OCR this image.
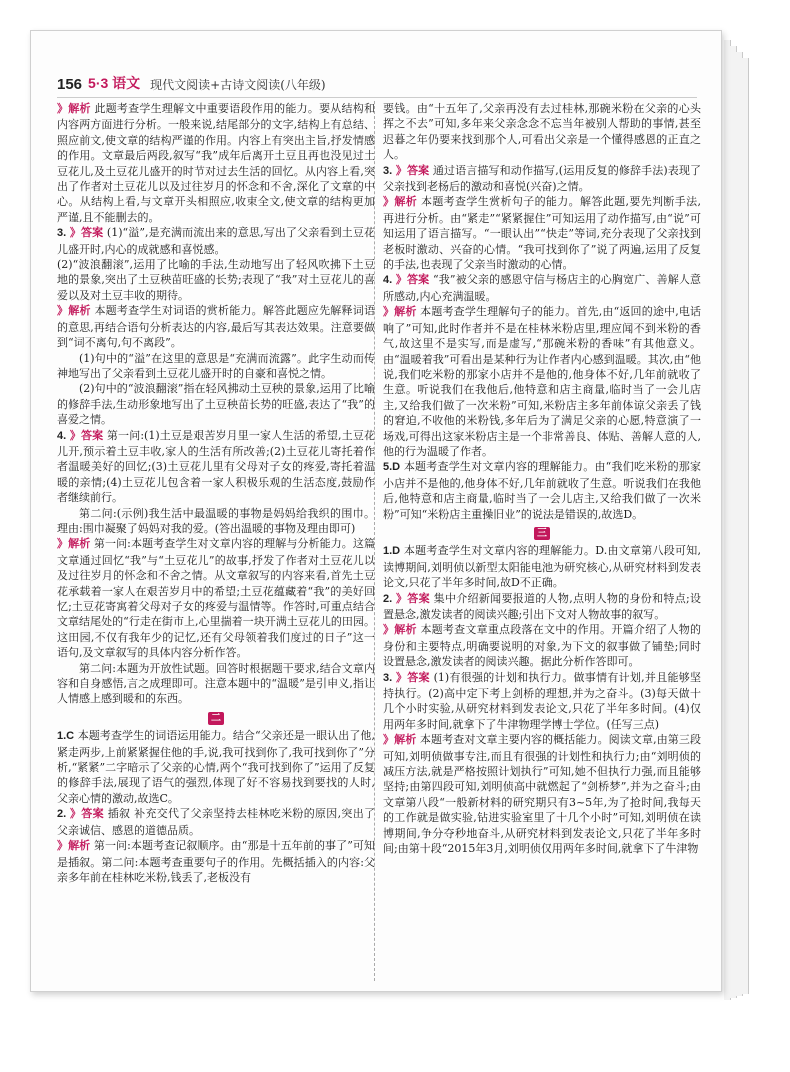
156 5·3 语文 现代文阅读+古诗文阅读(八年级)

》解析 此题考查学生理解文中重要语段作用的能力。要从结构和内容两方面进行分析。一般来说,结尾部分的文字,结构上有总结、照应前文,使文章的结构严谨的作用。内容上有突出主旨,抒发情感的作用。文章最后两段,叙写“我”成年后离开土豆且再也没见过土豆花儿,及土豆花儿盛开的时节对过去生活的回忆。从内容上看,突出了作者对土豆花儿以及过往岁月的怀念和不舍,深化了文章的中心。从结构上看,与文章开头相照应,收束全文,使文章的结构更加严谨,且不能删去的。

3. 》答案 (1)“溢”,是充满而流出来的意思,写出了父亲看到土豆花儿盛开时,内心的成就感和喜悦感。

(2)“波浪翻滚”,运用了比喻的手法,生动地写出了轻风吹拂下土豆地的景象,突出了土豆秧苗旺盛的长势;表现了“我”对土豆花儿的喜爱以及对土豆丰收的期待。

》解析 本题考查学生对词语的赏析能力。解答此题应先解释词语的意思,再结合语句分析表达的内容,最后写其表达效果。注意要做到“词不离句,句不离段”。

(1)句中的“溢”在这里的意思是“充满而流露”。此字生动而传神地写出了父亲看到土豆花儿盛开时的自豪和喜悦之情。

(2)句中的“波浪翻滚”指在轻风拂动土豆秧的景象,运用了比喻的修辞手法,生动形象地写出了土豆秧苗长势的旺盛,表达了“我”的喜爱之情。

4. 》答案 第一问:(1)土豆是艰苦岁月里一家人生活的希望,土豆花儿开,预示着土豆丰收,家人的生活有所改善;(2)土豆花儿寄托着作者温暖美好的回忆;(3)土豆花儿里有父母对子女的疼爱,寄托着温暖的亲情;(4)土豆花儿包含着一家人积极乐观的生活态度,鼓励作者继续前行。

第二问:(示例)我生活中最温暖的事物是妈妈给我织的围巾。理由:围巾凝聚了妈妈对我的爱。(答出温暖的事物及理由即可)

》解析 第一问:本题考查学生对文章内容的理解与分析能力。这篇文章通过回忆“我”与“土豆花儿”的故事,抒发了作者对土豆花儿以及过往岁月的怀念和不舍之情。从文章叙写的内容来看,首先土豆花承载着一家人在艰苦岁月中的希望;土豆花蕴藏着“我”的美好回忆;土豆花寄寓着父母对子女的疼爱与温情等。作答时,可重点结合文章结尾处的“行走在街市上,心里揣着一块开满土豆花儿的田园。这田园,不仅有我年少的记忆,还有父母领着我们度过的日子”这一语句,及文章叙写的具体内容分析作答。

第二问:本题为开放性试题。回答时根据题干要求,结合文章内容和自身感悟,言之成理即可。注意本题中的“温暖”是引申义,指让人情感上感到暖和的东西。

二

1.C 本题考查学生的词语运用能力。结合“父亲还是一眼认出了他,紧走两步,上前紧紧握住他的手,说,我可找到你了,我可找到你了”分析,“紧紧”二字暗示了父亲的心情,两个“我可找到你了”运用了反复的修辞手法,展现了语气的强烈,体现了好不容易找到要找的人时,父亲心情的激动,故选C。

2. 》答案 插叙 补充交代了父亲坚持去桂林吃米粉的原因,突出了父亲诚信、感恩的道德品质。

》解析 第一问:本题考查记叙顺序。由“那是十五年前的事了”可知是插叙。第二问:本题考查重要句子的作用。先概括插入的内容:父亲多年前在桂林吃米粉,钱丢了,老板没有

要钱。由“十五年了,父亲再没有去过桂林,那碗米粉在父亲的心头挥之不去”可知,多年来父亲念念不忘当年被别人帮助的事情,甚至迟暮之年仍要来找到那个人,可看出父亲是一个懂得感恩的正直之人。

3. 》答案 通过语言描写和动作描写,(运用反复的修辞手法)表现了父亲找到老杨后的激动和喜悦(兴奋)之情。

》解析 本题考查学生赏析句子的能力。解答此题,要先判断手法,再进行分析。由“紧走”“紧紧握住”可知运用了动作描写,由“说”可知运用了语言描写。“一眼认出”“快走”等词,充分表现了父亲找到老板时激动、兴奋的心情。“我可找到你了”说了两遍,运用了反复的手法,也表现了父亲当时激动的心情。

4. 》答案 “我”被父亲的感恩守信与杨店主的心胸宽广、善解人意所感动,内心充满温暖。

》解析 本题考查学生理解句子的能力。首先,由“返回的途中,电话响了”可知,此时作者并不是在桂林米粉店里,理应闻不到米粉的香气,故这里不是实写,而是虚写,“那碗米粉的香味”有其他意义。由“温暖着我”可看出是某种行为让作者内心感到温暖。其次,由“他说,我们吃米粉的那家小店并不是他的,他身体不好,几年前就收了生意。听说我们在我他后,他特意和店主商量,临时当了一会儿店主,又给我们做了一次米粉”可知,米粉店主多年前体谅父亲丢了钱的窘迫,不收他的米粉钱,多年后为了满足父亲的心愿,特意演了一场戏,可得出这家米粉店主是一个非常善良、体贴、善解人意的人,他的行为温暖了作者。

5.D 本题考查学生对文章内容的理解能力。由“我们吃米粉的那家小店并不是他的,他身体不好,几年前就收了生意。听说我们在我他后,他特意和店主商量,临时当了一会儿店主,又给我们做了一次米粉”可知“米粉店主重操旧业”的说法是错误的,故选D。

三

1.D 本题考查学生对文章内容的理解能力。D.由文章第八段可知,读博期间,刘明侦以新型太阳能电池为研究核心,从研究材料到发表论文,只花了半年多时间,故D不正确。

2. 》答案 集中介绍新闻要报道的人物,点明人物的身份和特点;设置悬念,激发读者的阅读兴趣;引出下文对人物故事的叙写。

》解析 本题考查文章重点段落在文中的作用。开篇介绍了人物的身份和主要特点,明确要说明的对象,为下文的叙事做了铺垫;同时设置悬念,激发读者的阅读兴趣。据此分析作答即可。

3. 》答案 (1)有很强的计划和执行力。做事情有计划,并且能够坚持执行。(2)高中定下考上剑桥的理想,并为之奋斗。(3)每天做十几个小时实验,从研究材料到发表论文,只花了半年多时间。(4)仅用两年多时间,就拿下了牛津物理学博士学位。(任写三点)

》解析 本题考查对文章主要内容的概括能力。阅读文章,由第三段可知,刘明侦做事专注,而且有很强的计划性和执行力;由“刘明侦的减压方法,就是严格按照计划执行”可知,她不但执行力强,而且能够坚持;由第四段可知,刘明侦高中就燃起了“剑桥梦”,并为之奋斗;由文章第八段“一般新材料的研究期只有3~5年,为了抢时间,我每天的工作就是做实验,钻进实验室里了十几个小时”可知,刘明侦在读博期间,争分夺秒地奋斗,从研究材料到发表论文,只花了半年多时间;由第十段“2015年3月,刘明侦仅用两年多时间,就拿下了牛津物
